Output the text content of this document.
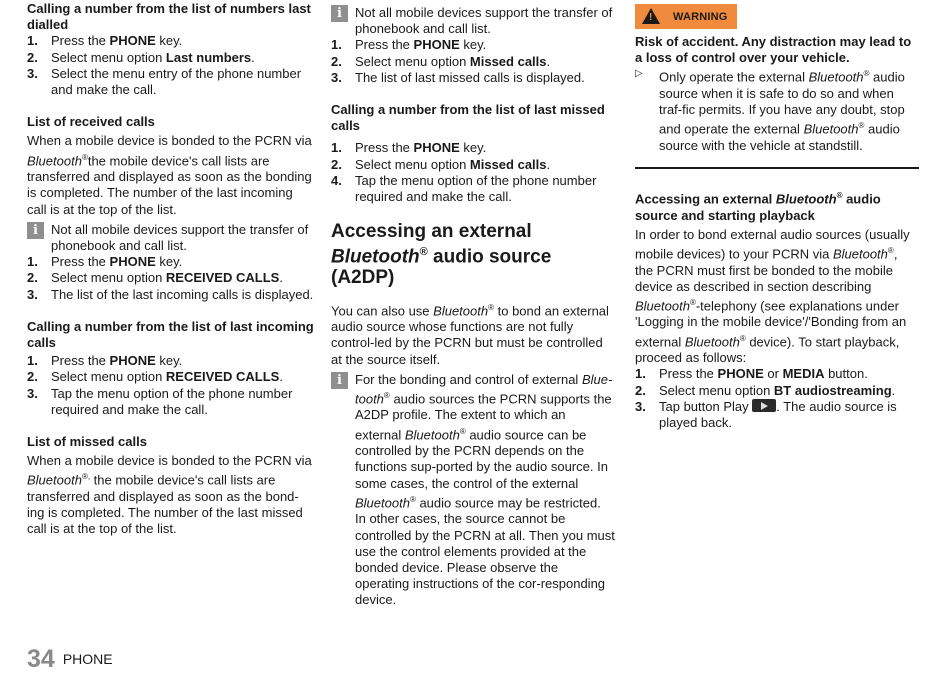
Calling a number from the list of numbers last dialled

1. Press the PHONE key.
2. Select menu option Last numbers.
3. Select the menu entry of the phone number and make the call.

List of received calls

When a mobile device is bonded to the PCRN via Bluetooth®the mobile device's call lists are transferred and displayed as soon as the bonding is completed. The number of the last incoming call is at the top of the list.

i	Not all mobile devices support the transfer of phonebook and call list.
1. Press the PHONE key.
2. Select menu option RECEIVED CALLS.
3. The list of the last incoming calls is displayed.

Calling a number from the list of last incoming calls

1. Press the PHONE key.
2. Select menu option RECEIVED CALLS.
3. Tap the menu option of the phone number required and make the call.

List of missed calls

When a mobile device is bonded to the PCRN via Bluetooth®, the mobile device's call lists are transferred and displayed as soon as the bond-ing is completed. The number of the last missed call is at the top of the list.

i	Not all mobile devices support the transfer of phonebook and call list.
1. Press the PHONE key.
2. Select menu option Missed calls.
3. The list of last missed calls is displayed.

Calling a number from the list of last missed calls

1. Press the PHONE key.
2. Select menu option Missed calls.
4. Tap the menu option of the phone number required and make the call.

Accessing an external
Bluetooth® audio source (A2DP)

You can also use Bluetooth® to bond an external audio source whose functions are not fully control-led by the PCRN but must be controlled at the source itself.

i	For the bonding and control of external Blue-tooth® audio sources the PCRN supports the A2DP profile. The extent to which an external Bluetooth® audio source can be controlled by the PCRN depends on the functions sup-ported by the audio source. In some cases, the control of the external Bluetooth® audio source may be restricted. In other cases, the source cannot be controlled by the PCRN at all. Then you must use the control elements provided at the bonded device. Please observe the operating instructions of the cor-responding device.
! WARNING

Risk of accident. Any distraction may lead to a loss of control over your vehicle.

▷ Only operate the external Bluetooth® audio source when it is safe to do so and when traf-fic permits. If you have any doubt, stop and operate the external Bluetooth® audio source with the vehicle at standstill.

Accessing an external Bluetooth® audio source and starting playback

In order to bond external audio sources (usually mobile devices) to your PCRN via Bluetooth®, the PCRN must first be bonded to the mobile device as described in section describing Bluetooth®-telephony (see explanations under 'Logging in the mobile device'/'Bonding from an external Bluetooth® device). To start playback, proceed as follows:

1. Press the PHONE or MEDIA button.
2. Select menu option BT audiostreaming.
3. Tap button Play . The audio source is played back.
34 PHONE
